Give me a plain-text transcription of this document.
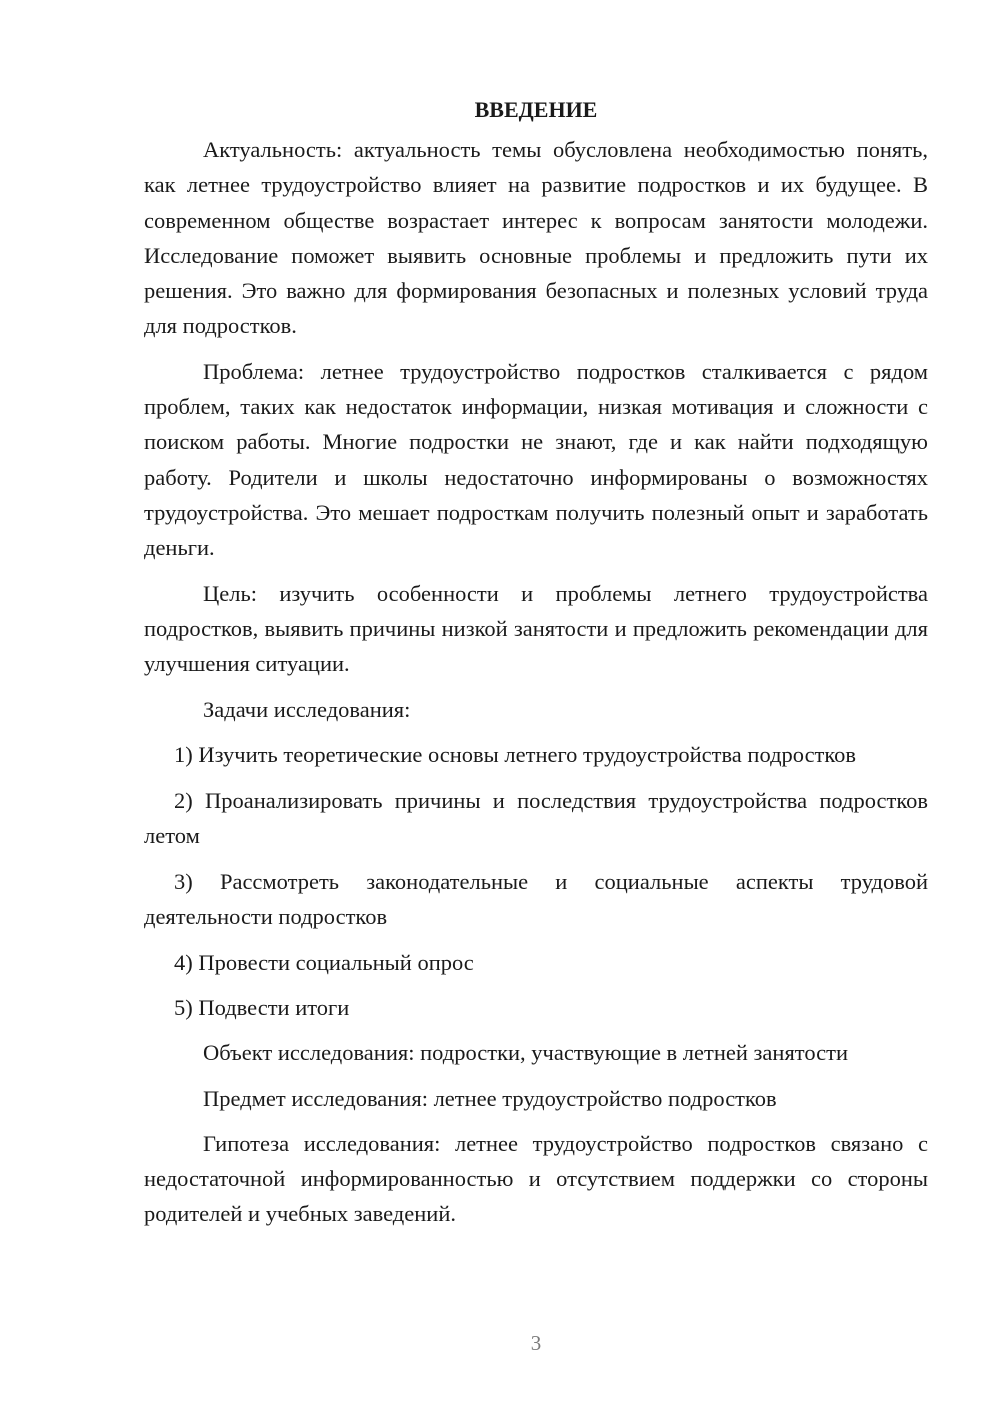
ВВЕДЕНИЕ

Актуальность: актуальность темы обусловлена необходимостью понять, как летнее трудоустройство влияет на развитие подростков и их будущее. В современном обществе возрастает интерес к вопросам занятости молодежи. Исследование поможет выявить основные проблемы и предложить пути их решения. Это важно для формирования безопасных и полезных условий труда для подростков.

Проблема: летнее трудоустройство подростков сталкивается с рядом проблем, таких как недостаток информации, низкая мотивация и сложности с поиском работы. Многие подростки не знают, где и как найти подходящую работу. Родители и школы недостаточно информированы о возможностях трудоустройства. Это мешает подросткам получить полезный опыт и заработать деньги.

Цель: изучить особенности и проблемы летнего трудоустройства подростков, выявить причины низкой занятости и предложить рекомендации для улучшения ситуации.

Задачи исследования:

1) Изучить теоретические основы летнего трудоустройства подростков

2) Проанализировать причины и последствия трудоустройства подростков летом

3) Рассмотреть законодательные и социальные аспекты трудовой деятельности подростков

4) Провести социальный опрос

5) Подвести итоги

Объект исследования: подростки, участвующие в летней занятости

Предмет исследования: летнее трудоустройство подростков

Гипотеза исследования: летнее трудоустройство подростков связано с недостаточной информированностью и отсутствием поддержки со стороны родителей и учебных заведений.

3
